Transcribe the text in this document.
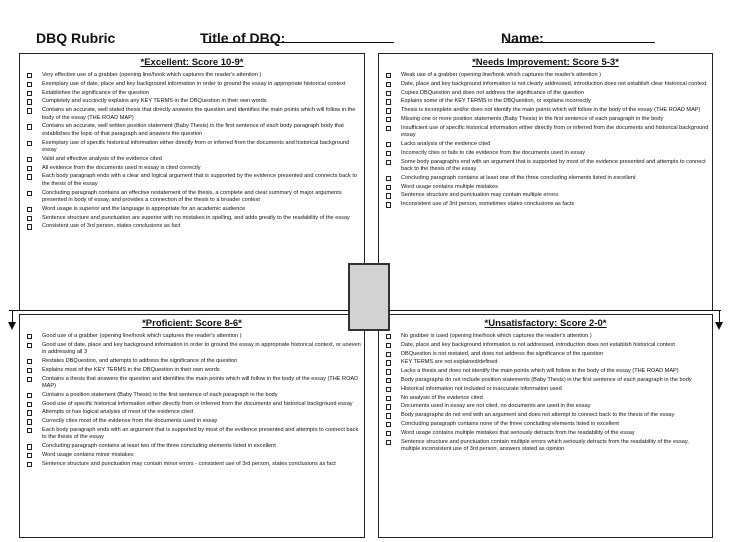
DBQ Rubric	Title of DBQ:	Name:
*Excellent: Score 10-9*
Very effective use of a grabber (opening line/hook which captures the reader's attention )
Exemplary use of date, place and key background information in order to ground the essay in appropriate historical context
Establishes the significance of the question
Completely and succinctly explains any KEY TERMS in the DBQuestion in their own words
Contains an accurate, well stated thesis that directly answers the question and identifies the main points which will follow in the body of the essay (THE ROAD MAP)
Contains an accurate, well written position statement (Baby Thesis) in the first sentence of each body paragraph body that establishes the topic of that paragraph and answers the question
Exemplary use of specific historical information either directly from or inferred from the documents and historical background essay
Valid and effective analysis of the evidence cited
All evidence from the documents used in essay is cited correctly
Each body paragraph ends with a clear and logical argument that is supported by the evidence presented and connects back to the thesis of the essay
Concluding paragraph contains an effective restatement of the thesis, a complete and clear summary of major arguments presented in body of essay, and provides a connection of the thesis to a broader context
Word usage is superior and the language is appropriate for an academic audience
Sentence structure and punctuation are superior with no mistakes in spelling, and adds greatly to the readability of the essay
Consistent use of 3rd person, states conclusions as fact
*Needs Improvement: Score 5-3*
Weak use of a grabber (opening line/hook which captures the reader's attention )
Date, place and key background information is not clearly addressed, introduction does not establish clear historical context
Copies DBQuestion and does not address the significance of the question
Explains some of the KEY TERMS in the DBQuestion, or explains incorrectly
Thesis is incomplete and/or does not identify the main points which will follow in the body of the essay (THE ROAD MAP)
Missing one or more position statements (Baby Thesis) in the first sentence of each paragraph in the body
Insufficient use of specific historical information either directly from or inferred from the documents and historical background essay
Lacks analysis of the evidence cited
Incorrectly cites or fails to cite evidence from the documents used in essay
Some body paragraphs end with an argument that is supported by most of the evidence presented and attempts to connect back to the thesis of the essay
Concluding paragraph contains at least one of the three concluding elements listed in excellent
Word usage contains multiple mistakes
Sentence structure and punctuation may contain multiple errors
Inconsistent use of 3rd person, sometimes states conclusions as facts
*Proficient: Score 8-6*
Good use of a grabber (opening line/hook which captures the reader's attention )
Good use of date, place and key background information in order to ground the essay in appropriate historical context, or uneven in addressing all 3
Restates DBQuestion, and attempts to address the significance of the question
Explains most of the KEY TERMS in the DBQuestion in their own words
Contains a thesis that answers the question and identifies the main points which will follow in the body of the essay (THE ROAD MAP)
Contains a position statement (Baby Thesis) in the first sentence of each paragraph in the body
Good use of specific historical information either directly from or inferred from the documents and historical background essay
Attempts or has logical analysis of most of the evidence cited
Correctly cites most of the evidence from the documents used in essay
Each body paragraph ends with an argument that is supported by most of the evidence presented and attempts to connect back to the thesis of the essay
Concluding paragraph contains at least two of the three concluding elements listed in excellent
Word usage contains minor mistakes
Sentence structure and punctuation may contain minor errors - consistent use of 3rd person, states conclusions as fact
*Unsatisfactory: Score 2-0*
No grabber is used (opening line/hook which captures the reader's attention )
Date, place and key background information is not addressed, introduction does not establish historical context
DBQuestion is not restated, and does not address the significance of the question
KEY TERMS are not explained/defined
Lacks a thesis and does not identify the main points which will follow in the body of the essay (THE ROAD MAP)
Body paragraphs do not include position statements (Baby Thesis) in the first sentence of each paragraph in the body
Historical information not included or inaccurate information used
No analysis of the evidence cited
Documents used in essay are not cited, no documents are used in the essay
Body paragraphs do not end with an argument and does not attempt to connect back to the thesis of the essay
Concluding paragraph contains none of the three concluding elements listed in excellent
Word usage contains multiple mistakes that seriously detracts from the readability of the essay
Sentence structure and punctuation contain multiple errors which seriously detracts from the readability of the essay, multiple inconsistent use of 3rd person, answers stated as opinion
